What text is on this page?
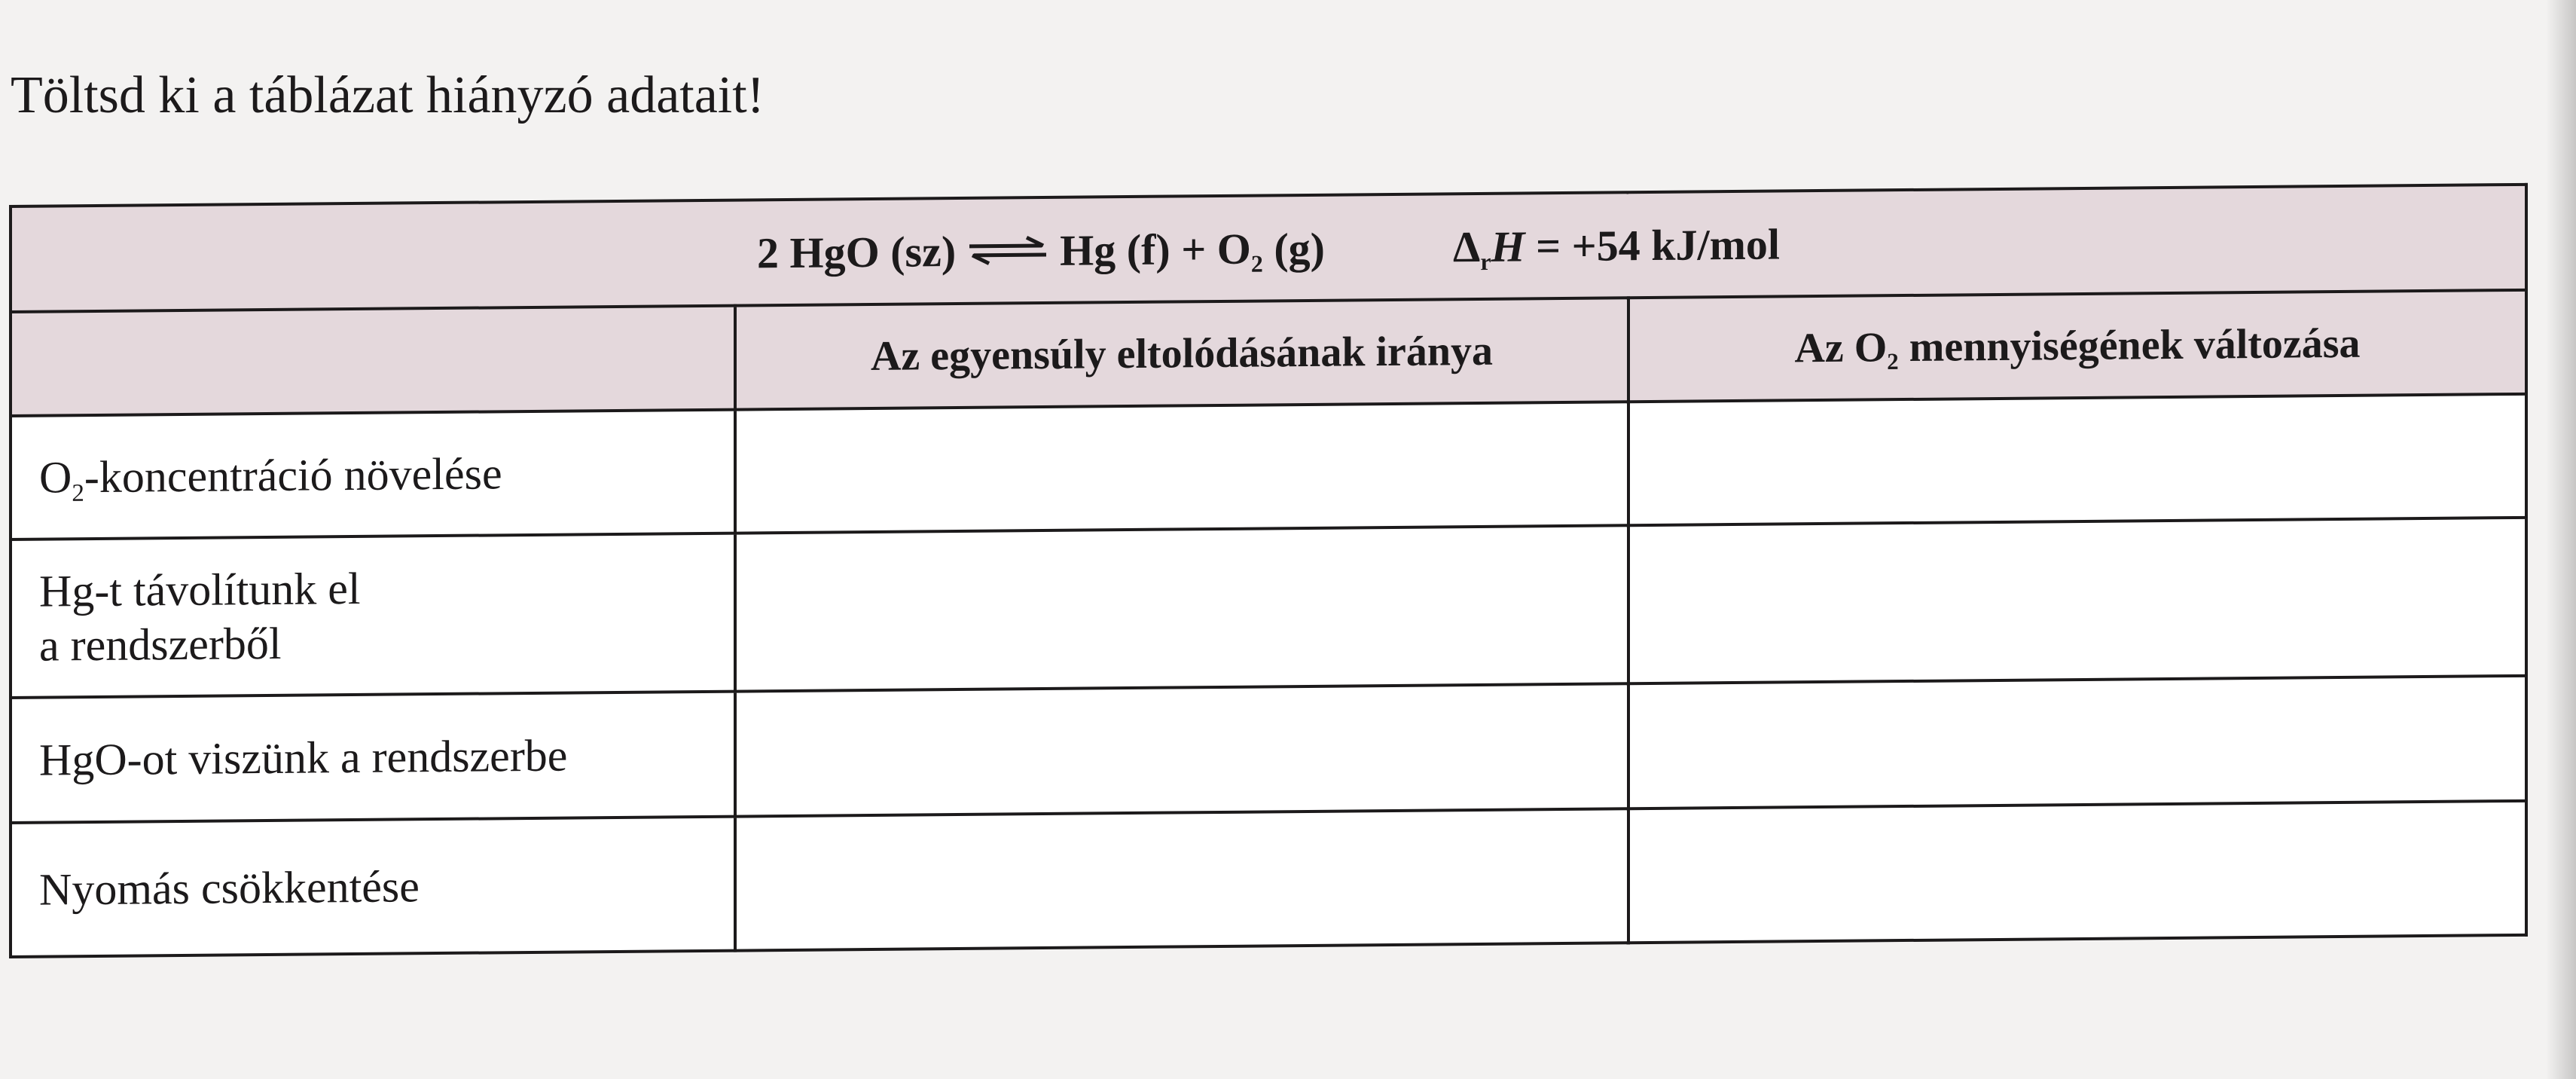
Töltsd ki a táblázat hiányzó adatait!
2 HgO (sz) ⇌ Hg $(f) + O_2$ (g) $\Delta_rH = +54$ kJ/mol		

	Az egyensúly eltolódásának iránya	Az $O_2$ mennyiségének változása
$O_2$-koncentráció növelése	

Hg-t távolítunk el
a rendszerből	

HgO-ot viszünk a rendszerbe	

Nyomás csökkentése	
